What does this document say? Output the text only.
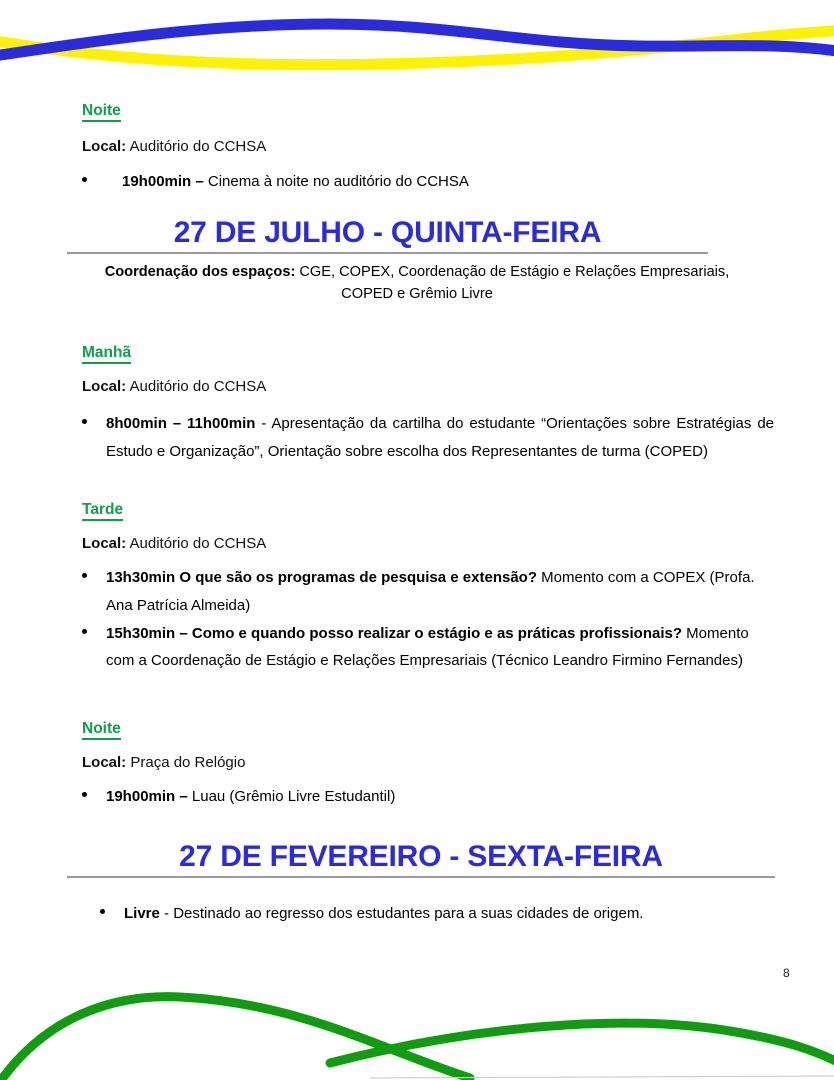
Noite

Local: Auditório do CCHSA

19h00min – Cinema à noite no auditório do CCHSA
27 DE JULHO - QUINTA-FEIRA

Coordenação dos espaços: CGE, COPEX, Coordenação de Estágio e Relações Empresariais, COPED e Grêmio Livre

Manhã

Local: Auditório do CCHSA

8h00min – 11h00min - Apresentação da cartilha do estudante “Orientações sobre Estratégias de Estudo e Organização”, Orientação sobre escolha dos Representantes de turma (COPED)
Tarde

Local: Auditório do CCHSA

13h30min O que são os programas de pesquisa e extensão? Momento com a COPEX (Profa. Ana Patrícia Almeida)
15h30min – Como e quando posso realizar o estágio e as práticas profissionais? Momento com a Coordenação de Estágio e Relações Empresariais (Técnico Leandro Firmino Fernandes)
Noite

Local: Praça do Relógio

19h00min – Luau (Grêmio Livre Estudantil)
27 DE FEVEREIRO - SEXTA-FEIRA
Livre - Destinado ao regresso dos estudantes para a suas cidades de origem.
8
